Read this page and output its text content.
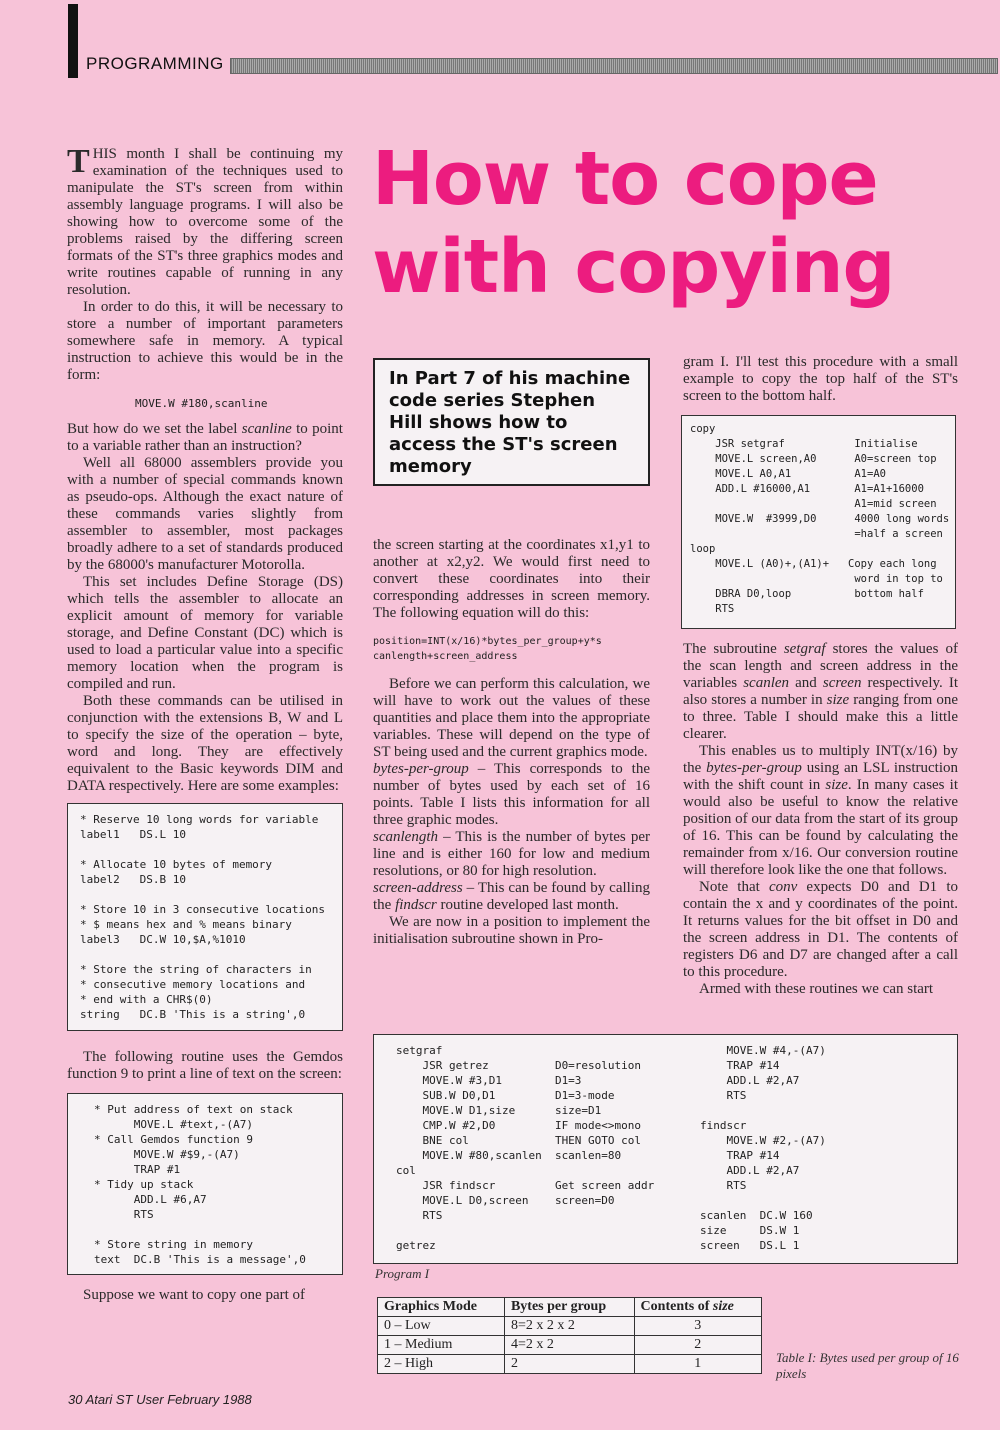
PROGRAMMING
How to cope
with copying
In Part 7 of his machine code series Stephen Hill shows how to access the ST's screen memory

THIS month I shall be continuing my examination of the techniques used to manipulate the ST's screen from within assembly language programs. I will also be showing how to overcome some of the problems raised by the differing screen formats of the ST's three graphics modes and write routines capable of running in any resolution.

In order to do this, it will be necessary to store a number of important parameters somewhere safe in memory. A typical instruction to achieve this would be in the form:

MOVE.W #180,scanline

But how do we set the label scanline to point to a variable rather than an instruction?

Well all 68000 assemblers provide you with a number of special commands known as pseudo-ops. Although the exact nature of these commands varies slightly from assembler to assembler, most packages broadly adhere to a set of standards produced by the 68000's manufacturer Motorolla.

This set includes Define Storage (DS) which tells the assembler to allocate an explicit amount of memory for variable storage, and Define Constant (DC) which is used to load a particular value into a specific memory location when the program is compiled and run.

Both these commands can be utilised in conjunction with the extensions B, W and L to specify the size of the operation – byte, word and long. They are effectively equivalent to the Basic keywords DIM and DATA respectively. Here are some examples:

* Reserve 10 long words for variable
label1   DS.L 10

* Allocate 10 bytes of memory
label2   DS.B 10

* Store 10 in 3 consecutive locations
* $ means hex and % means binary
label3   DC.W 10,$A,%1010

* Store the string of characters in
* consecutive memory locations and
* end with a CHR$(0)
string   DC.B 'This is a string',0

The following routine uses the Gemdos function 9 to print a line of text on the screen:

* Put address of text on stack
MOVE.L #text,-(A7)
* Call Gemdos function 9
MOVE.W #$9,-(A7)
TRAP #1
* Tidy up stack
ADD.L #6,A7
RTS

* Store string in memory
text  DC.B 'This is a message',0

Suppose we want to copy one part of

the screen starting at the coordinates x1,y1 to another at x2,y2. We would first need to convert these coordinates into their corresponding addresses in screen memory. The following equation will do this:

position=INT(x/16)*bytes_per_group+y*s
canlength+screen_address

Before we can perform this calculation, we will have to work out the values of these quantities and place them into the appropriate variables. These will depend on the type of ST being used and the current graphics mode.

bytes-per-group – This corresponds to the number of bytes used by each set of 16 points. Table I lists this information for all three graphic modes.

scanlength – This is the number of bytes per line and is either 160 for low and medium resolutions, or 80 for high resolution.

screen-address – This can be found by calling the findscr routine developed last month.

We are now in a position to implement the initialisation subroutine shown in Pro-

gram I. I'll test this procedure with a small example to copy the top half of the ST's screen to the bottom half.

copy
JSR setgraf           Initialise
MOVE.L screen,A0      A0=screen top
MOVE.L A0,A1          A1=A0
ADD.L #16000,A1       A1=A1+16000
A1=mid screen
MOVE.W  #3999,D0      4000 long words
=half a screen
loop
MOVE.L (A0)+,(A1)+   Copy each long
word in top to
DBRA D0,loop          bottom half
RTS

The subroutine setgraf stores the values of the scan length and screen address in the variables scanlen and screen respectively. It also stores a number in size ranging from one to three. Table I should make this a little clearer.

This enables us to multiply INT(x/16) by the bytes-per-group using an LSL instruction with the shift count in size. In many cases it would also be useful to know the relative position of our data from the start of its group of 16. This can be found by calculating the remainder from x/16. Our conversion routine will therefore look like the one that follows.

Note that conv expects D0 and D1 to contain the x and y coordinates of the point. It returns values for the bit offset in D0 and the screen address in D1. The contents of registers D6 and D7 are changed after a call to this procedure.

Armed with these routines we can start

setgraf
JSR getrez          D0=resolution
MOVE.W #3,D1        D1=3
SUB.W D0,D1         D1=3-mode
MOVE.W D1,size      size=D1
CMP.W #2,D0         IF mode<>mono
BNE col             THEN GOTO col
MOVE.W #80,scanlen  scanlen=80
col
JSR findscr         Get screen addr
MOVE.L D0,screen    screen=D0
RTS

getrez
MOVE.W #4,-(A7)
TRAP #14
ADD.L #2,A7
RTS

findscr
MOVE.W #2,-(A7)
TRAP #14
ADD.L #2,A7
RTS

scanlen  DC.W 160
size     DS.W 1
screen   DS.L 1
Program I
Graphics Mode	Bytes per group	Contents of size
0 – Low	8=2 x 2 x 2	3
1 – Medium	4=2 x 2	2
2 – High	2	1	Table I: Bytes used per group of 16 pixels
30 Atari ST User February 1988
